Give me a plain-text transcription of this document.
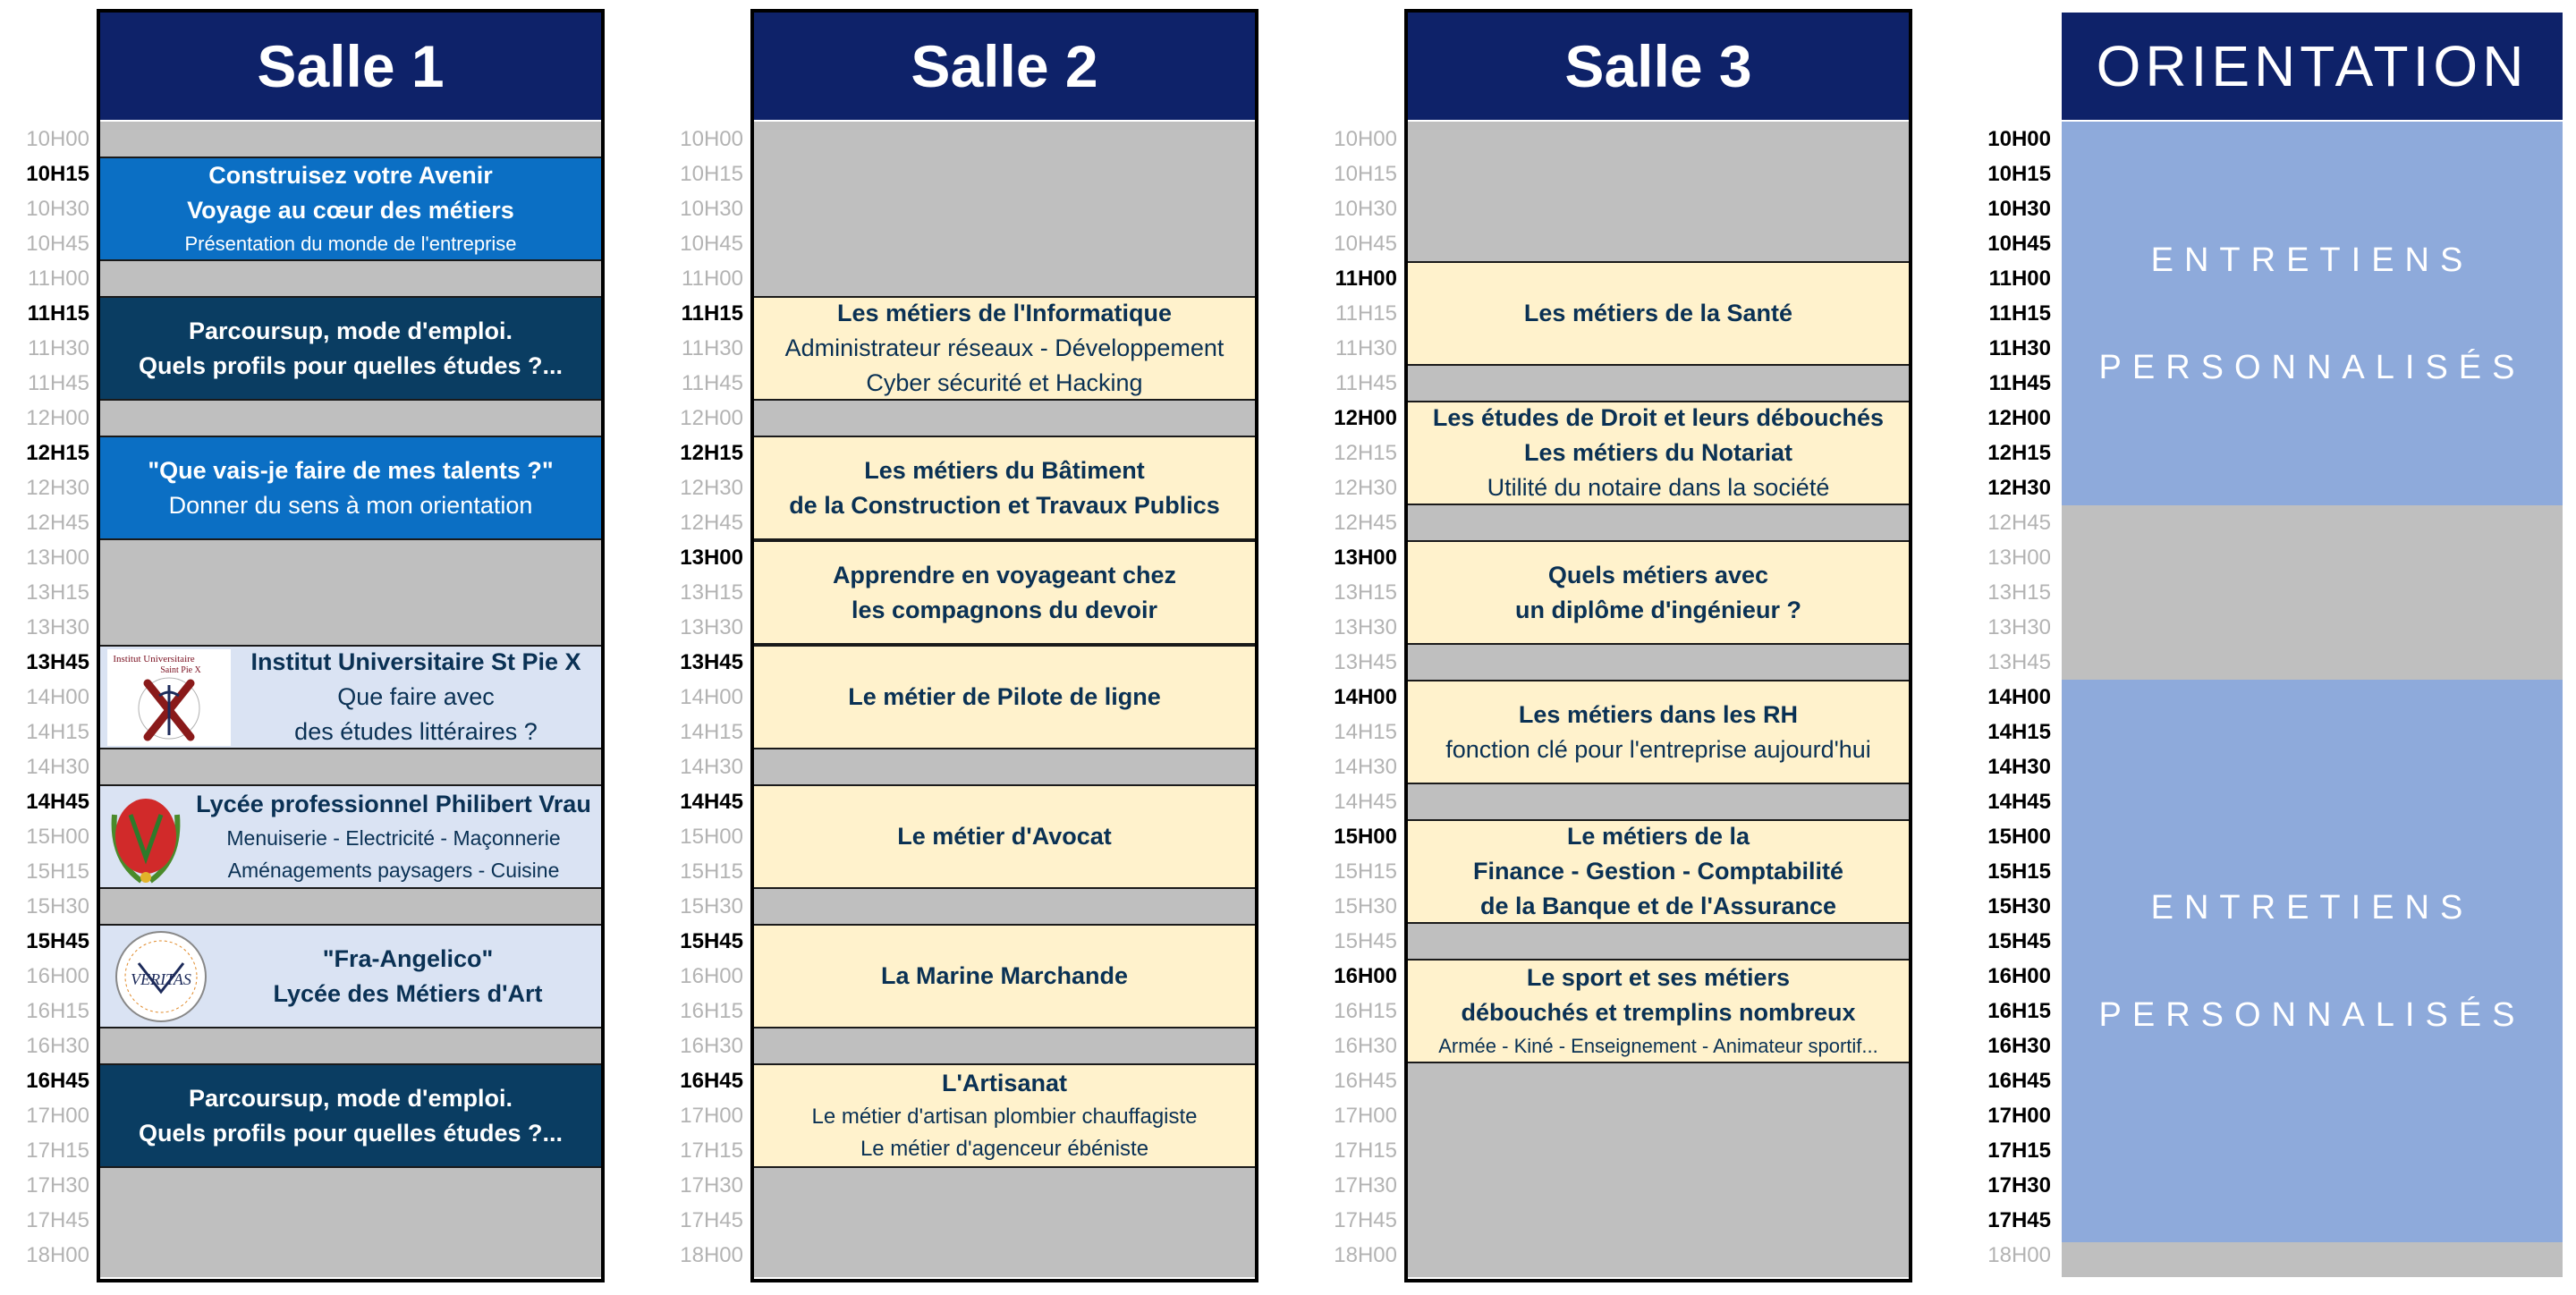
Salle 1
Construisez votre Avenir
Voyage au cœur des métiers
Présentation du monde de l'entreprise
Parcoursup, mode d'emploi.
Quels profils pour quelles études ?...
"Que vais-je faire de mes talents ?"
Donner du sens à mon orientation
Institut Universitaire
Saint Pie X Institut Universitaire St Pie X
Que faire avec
des études littéraires ?
Lycée professionnel Philibert Vrau
Menuiserie - Electricité - Maçonnerie
Aménagements paysagers - Cuisine
VERITAS
"Fra-Angelico"
Lycée des Métiers d'Art
Parcoursup, mode d'emploi.
Quels profils pour quelles études ?...
Salle 2
Les métiers de l'Informatique
Administrateur réseaux - Développement
Cyber sécurité et Hacking
Les métiers du Bâtiment
de la Construction et Travaux Publics
Apprendre en voyageant chez
les compagnons du devoir
Le métier de Pilote de ligne
Le métier d'Avocat
La Marine Marchande
L'Artisanat
Le métier d'artisan plombier chauffagiste
Le métier d'agenceur ébéniste
Salle 3
Les métiers de la Santé
Les études de Droit et leurs débouchés
Les métiers du Notariat
Utilité du notaire dans la société
Quels métiers avec
un diplôme d'ingénieur ?
Les métiers dans les RH
fonction clé pour l'entreprise aujourd'hui
Le métiers de la
Finance - Gestion - Comptabilité
de la Banque et de l'Assurance
Le sport et ses métiers
débouchés et tremplins nombreux
Armée - Kiné - Enseignement - Animateur sportif...
ORIENTATION
ENTRETIENS
PERSONNALISÉS
ENTRETIENS
PERSONNALISÉS
10H00
10H15
10H30
10H45
11H00
11H15
11H30
11H45
12H00
12H15
12H30
12H45
13H00
13H15
13H30
13H45
14H00
14H15
14H30
14H45
15H00
15H15
15H30
15H45
16H00
16H15
16H30
16H45
17H00
17H15
17H30
17H45
18H00
10H00
10H15
10H30
10H45
11H00
11H15
11H30
11H45
12H00
12H15
12H30
12H45
13H00
13H15
13H30
13H45
14H00
14H15
14H30
14H45
15H00
15H15
15H30
15H45
16H00
16H15
16H30
16H45
17H00
17H15
17H30
17H45
18H00
10H00
10H15
10H30
10H45
11H00
11H15
11H30
11H45
12H00
12H15
12H30
12H45
13H00
13H15
13H30
13H45
14H00
14H15
14H30
14H45
15H00
15H15
15H30
15H45
16H00
16H15
16H30
16H45
17H00
17H15
17H30
17H45
18H00
10H00
10H15
10H30
10H45
11H00
11H15
11H30
11H45
12H00
12H15
12H30
12H45
13H00
13H15
13H30
13H45
14H00
14H15
14H30
14H45
15H00
15H15
15H30
15H45
16H00
16H15
16H30
16H45
17H00
17H15
17H30
17H45
18H00
